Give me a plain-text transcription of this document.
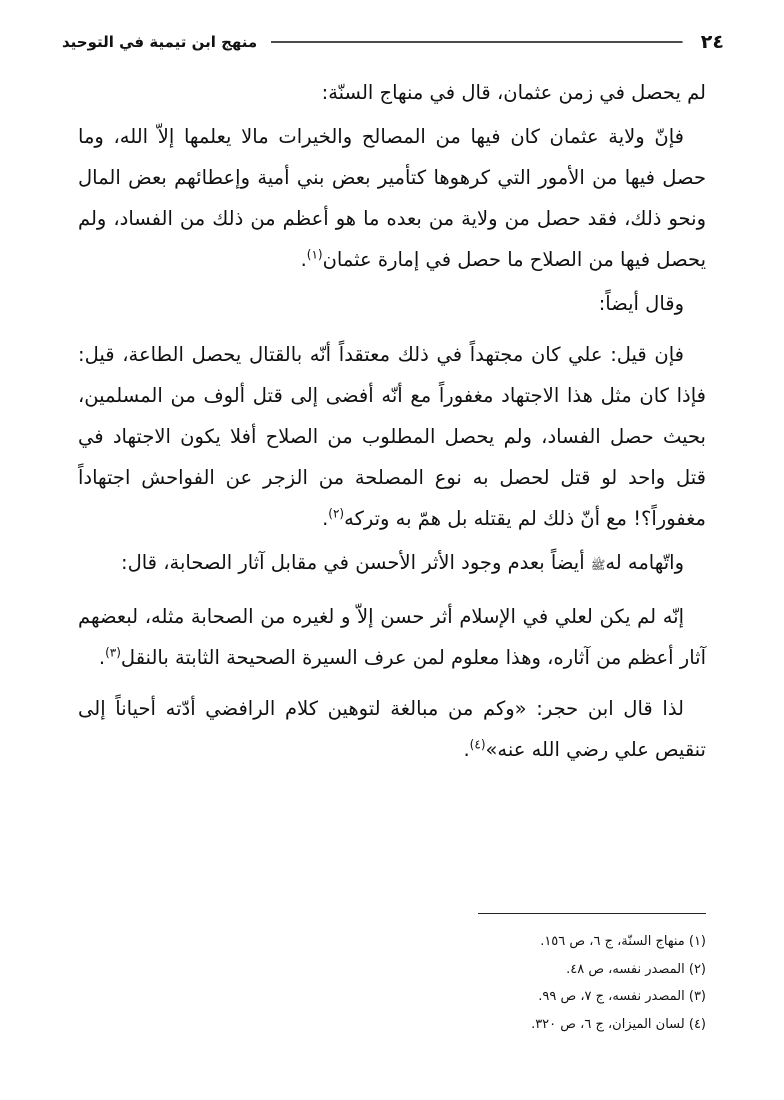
٢٤
منهج ابن تيمية في التوحيد

لم يحصل في زمن عثمان، قال في منهاج السنّة:

فإنّ ولاية عثمان كان فيها من المصالح والخيرات مالا يعلمها إلاّ الله، وما حصل فيها من الأمور التي كرهوها كتأمير بعض بني أمية وإعطائهم بعض المال ونحو ذلك، فقد حصل من ولاية من بعده ما هو أعظم من ذلك من الفساد، ولم يحصل فيها من الصلاح ما حصل في إمارة عثمان$^{(١)}$.

وقال أيضاً:

فإن قيل: علي كان مجتهداً في ذلك معتقداً أنّه بالقتال يحصل الطاعة، قيل: فإذا كان مثل هذا الاجتهاد مغفوراً مع أنّه أفضى إلى قتل ألوف من المسلمين، بحيث حصل الفساد، ولم يحصل المطلوب من الصلاح أفلا يكون الاجتهاد في قتل واحد لو قتل لحصل به نوع المصلحة من الزجر عن الفواحش اجتهاداً مغفوراً؟! مع أنّ ذلك لم يقتله بل همّ به وتركه$^{(٢)}$.

واتّهامه لهﷺ أيضاً بعدم وجود الأثر الأحسن في مقابل آثار الصحابة، قال:

إنّه لم يكن لعلي في الإسلام أثر حسن إلاّ و لغيره من الصحابة مثله، لبعضهم آثار أعظم من آثاره، وهذا معلوم لمن عرف السيرة الصحيحة الثابتة بالنقل$^{(٣)}$.

لذا قال ابن حجر: «وكم من مبالغة لتوهين كلام الرافضي أدّته أحياناً إلى تنقيص علي رضي الله عنه»$^{(٤)}$.

(١) منهاج السنّة، ج ٦، ص ١٥٦.
(٢) المصدر نفسه، ص ٤٨.
(٣) المصدر نفسه، ج ٧، ص ٩٩.
(٤) لسان الميزان، ج ٦، ص ٣٢٠.
